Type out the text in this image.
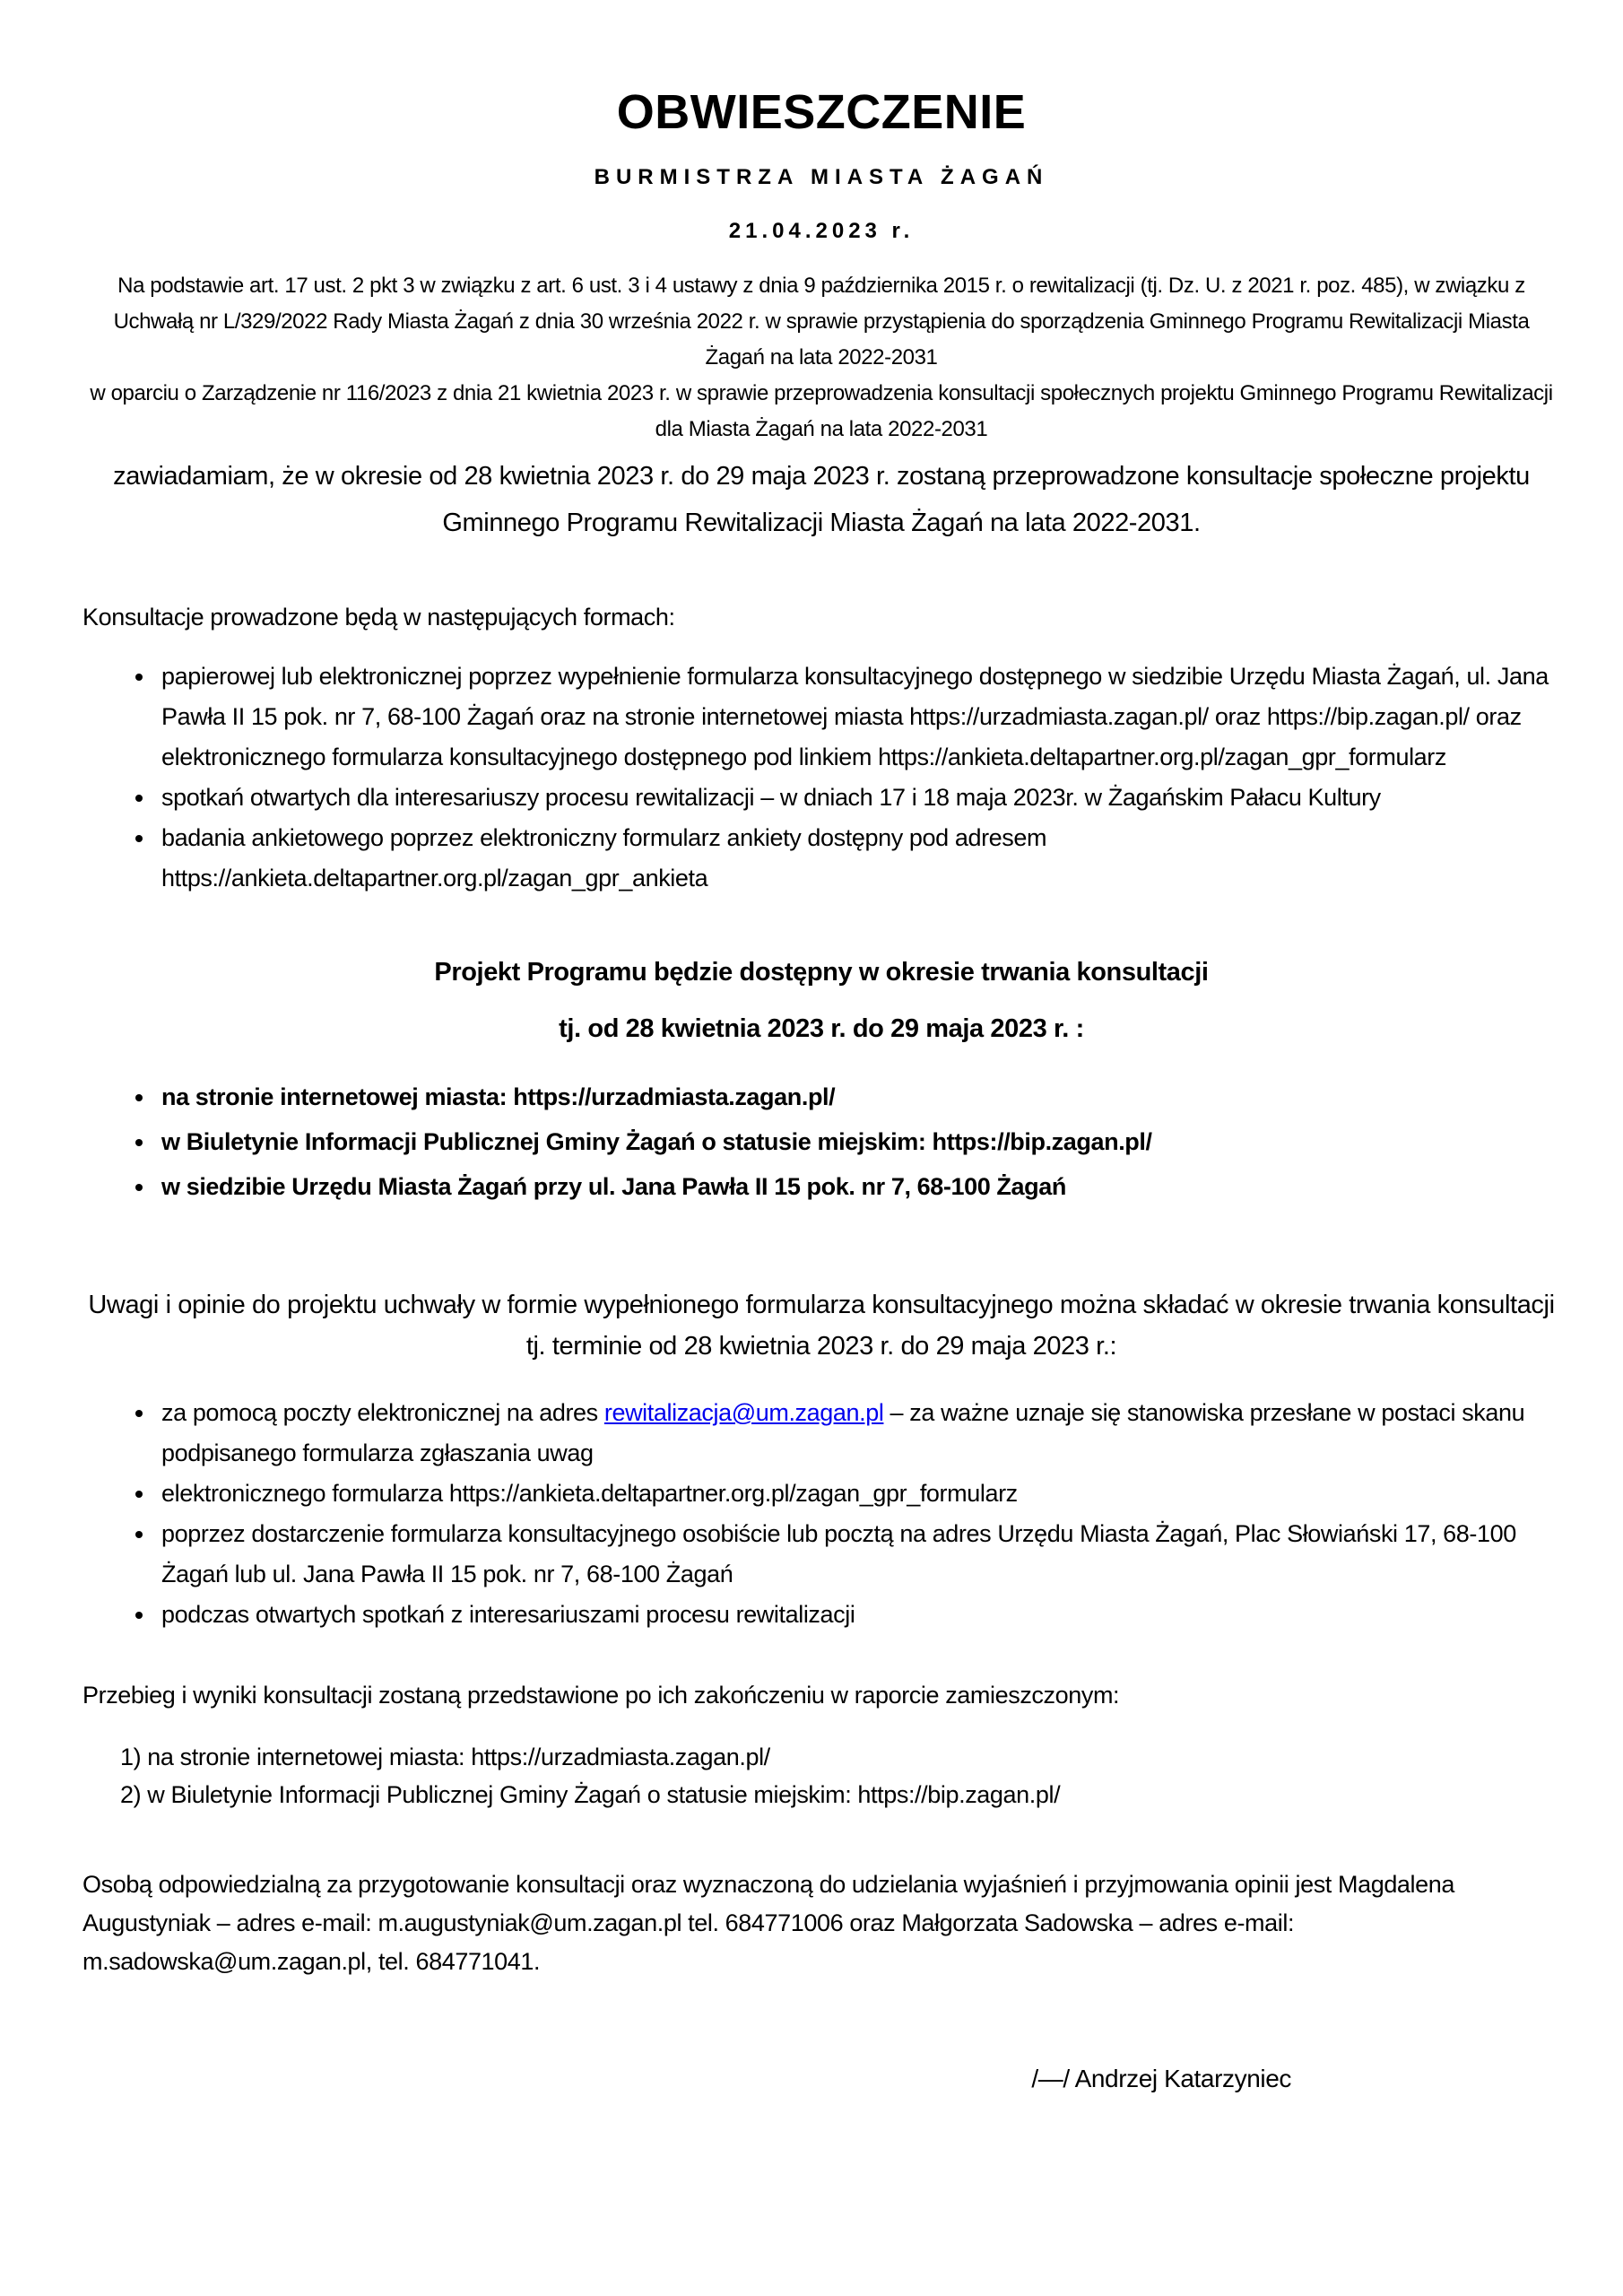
OBWIESZCZENIE
BURMISTRZA MIASTA ŻAGAŃ
21.04.2023 r.

Na podstawie art. 17 ust. 2 pkt 3 w związku z art. 6 ust. 3 i 4 ustawy z dnia 9 października 2015 r. o rewitalizacji (tj. Dz. U. z 2021 r. poz. 485), w związku z Uchwałą nr L/329/2022 Rady Miasta Żagań z dnia 30 września 2022 r. w sprawie przystąpienia do sporządzenia Gminnego Programu Rewitalizacji Miasta Żagań na lata 2022-2031

w oparciu o Zarządzenie nr 116/2023 z dnia 21 kwietnia 2023 r. w sprawie przeprowadzenia konsultacji społecznych projektu Gminnego Programu Rewitalizacji dla Miasta Żagań na lata 2022-2031

zawiadamiam, że w okresie od 28 kwietnia 2023 r. do 29 maja 2023 r. zostaną przeprowadzone konsultacje społeczne projektu Gminnego Programu Rewitalizacji Miasta Żagań na lata 2022-2031.

Konsultacje prowadzone będą w następujących formach:

• papierowej lub elektronicznej poprzez wypełnienie formularza konsultacyjnego dostępnego w siedzibie Urzędu Miasta Żagań, ul. Jana Pawła II 15 pok. nr 7, 68-100 Żagań oraz na stronie internetowej miasta https://urzadmiasta.zagan.pl/ oraz https://bip.zagan.pl/ oraz elektronicznego formularza konsultacyjnego dostępnego pod linkiem https://ankieta.deltapartner.org.pl/zagan_gpr_formularz
• spotkań otwartych dla interesariuszy procesu rewitalizacji – w dniach 17 i 18 maja 2023r. w Żagańskim Pałacu Kultury
• badania ankietowego poprzez elektroniczny formularz ankiety dostępny pod adresem https://ankieta.deltapartner.org.pl/zagan_gpr_ankieta
Projekt Programu będzie dostępny w okresie trwania konsultacji
tj. od 28 kwietnia 2023 r. do 29 maja 2023 r. :
• na stronie internetowej miasta: https://urzadmiasta.zagan.pl/
• w Biuletynie Informacji Publicznej Gminy Żagań o statusie miejskim: https://bip.zagan.pl/
• w siedzibie Urzędu Miasta Żagań przy ul. Jana Pawła II 15 pok. nr 7, 68-100 Żagań

Uwagi i opinie do projektu uchwały w formie wypełnionego formularza konsultacyjnego można składać w okresie trwania konsultacji tj. terminie od 28 kwietnia 2023 r. do 29 maja 2023 r.:

• za pomocą poczty elektronicznej na adres rewitalizacja@um.zagan.pl – za ważne uznaje się stanowiska przesłane w postaci skanu podpisanego formularza zgłaszania uwag
• elektronicznego formularza https://ankieta.deltapartner.org.pl/zagan_gpr_formularz
• poprzez dostarczenie formularza konsultacyjnego osobiście lub pocztą na adres Urzędu Miasta Żagań, Plac Słowiański 17, 68-100 Żagań lub ul. Jana Pawła II 15 pok. nr 7, 68-100 Żagań
• podczas otwartych spotkań z interesariuszami procesu rewitalizacji

Przebieg i wyniki konsultacji zostaną przedstawione po ich zakończeniu w raporcie zamieszczonym:

1) na stronie internetowej miasta: https://urzadmiasta.zagan.pl/
2) w Biuletynie Informacji Publicznej Gminy Żagań o statusie miejskim: https://bip.zagan.pl/

Osobą odpowiedzialną za przygotowanie konsultacji oraz wyznaczoną do udzielania wyjaśnień i przyjmowania opinii jest Magdalena Augustyniak – adres e-mail: m.augustyniak@um.zagan.pl tel. 684771006 oraz Małgorzata Sadowska – adres e-mail: m.sadowska@um.zagan.pl, tel. 684771041.

/—/ Andrzej Katarzyniec
